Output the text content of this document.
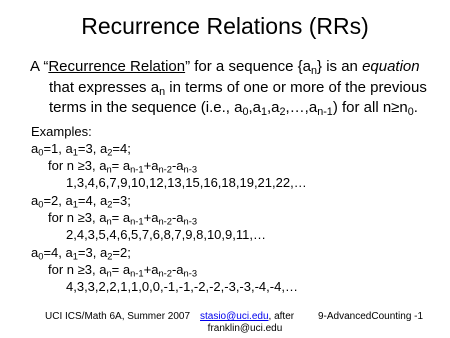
Recurrence Relations (RRs)
A “Recurrence Relation” for a sequence $\{a_n\}$ is an equation
that expresses $a_n$ in terms of one or more of the previous
terms in the sequence (i.e., $a_0,a_1,a_2,\dots,a_{n-1}$) for all $n\ge n_0$.
Examples:
$a_0=1$, $a_1=3$, $a_2=4$;
for n ≥3, $a_n= a_{n-1}+a_{n-2}-a_{n-3}$
1,3,4,6,7,9,10,12,13,15,16,18,19,21,22,…
$a_0=2$, $a_1=4$, $a_2=3$;
for n ≥3, $a_n= a_{n-1}+a_{n-2}-a_{n-3}$
2,4,3,5,4,6,5,7,6,8,7,9,8,10,9,11,…
$a_0=4$, $a_1=3$, $a_2=2$;
for n ≥3, $a_n= a_{n-1}+a_{n-2}-a_{n-3}$
4,3,3,2,2,1,1,0,0,-1,-1,-2,-2,-3,-3,-4,-4,…
UCI ICS/Math 6A, Summer 2007 stasio@uci.edu, after
franklin@uci.edu
9-AdvancedCounting -1
